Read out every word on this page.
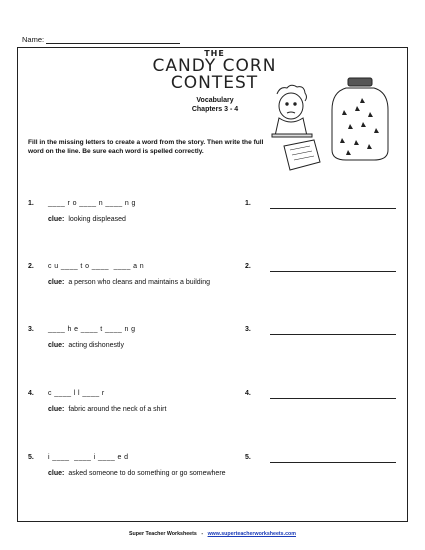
Name:
THE
CANDY CORN
CONTEST
Vocabulary
Chapters 3 - 4
Fill in the missing letters to create a word from the story. Then write the full word on the line. Be sure each word is spelled correctly.
1. ____ r o ____ n ____ n g
clue: looking displeased
1.
2. c u ____ t o ____  ____ a n
clue: a person who cleans and maintains a building
2.
3. ____ h e ____ t ____ n g
clue: acting dishonestly
3.
4. c ____ l l ____ r
clue: fabric around the neck of a shirt
4.
5. i ____  ____ i ____ e d
clue: asked someone to do something or go somewhere
5.
Super Teacher Worksheets - www.superteacherworksheets.com
